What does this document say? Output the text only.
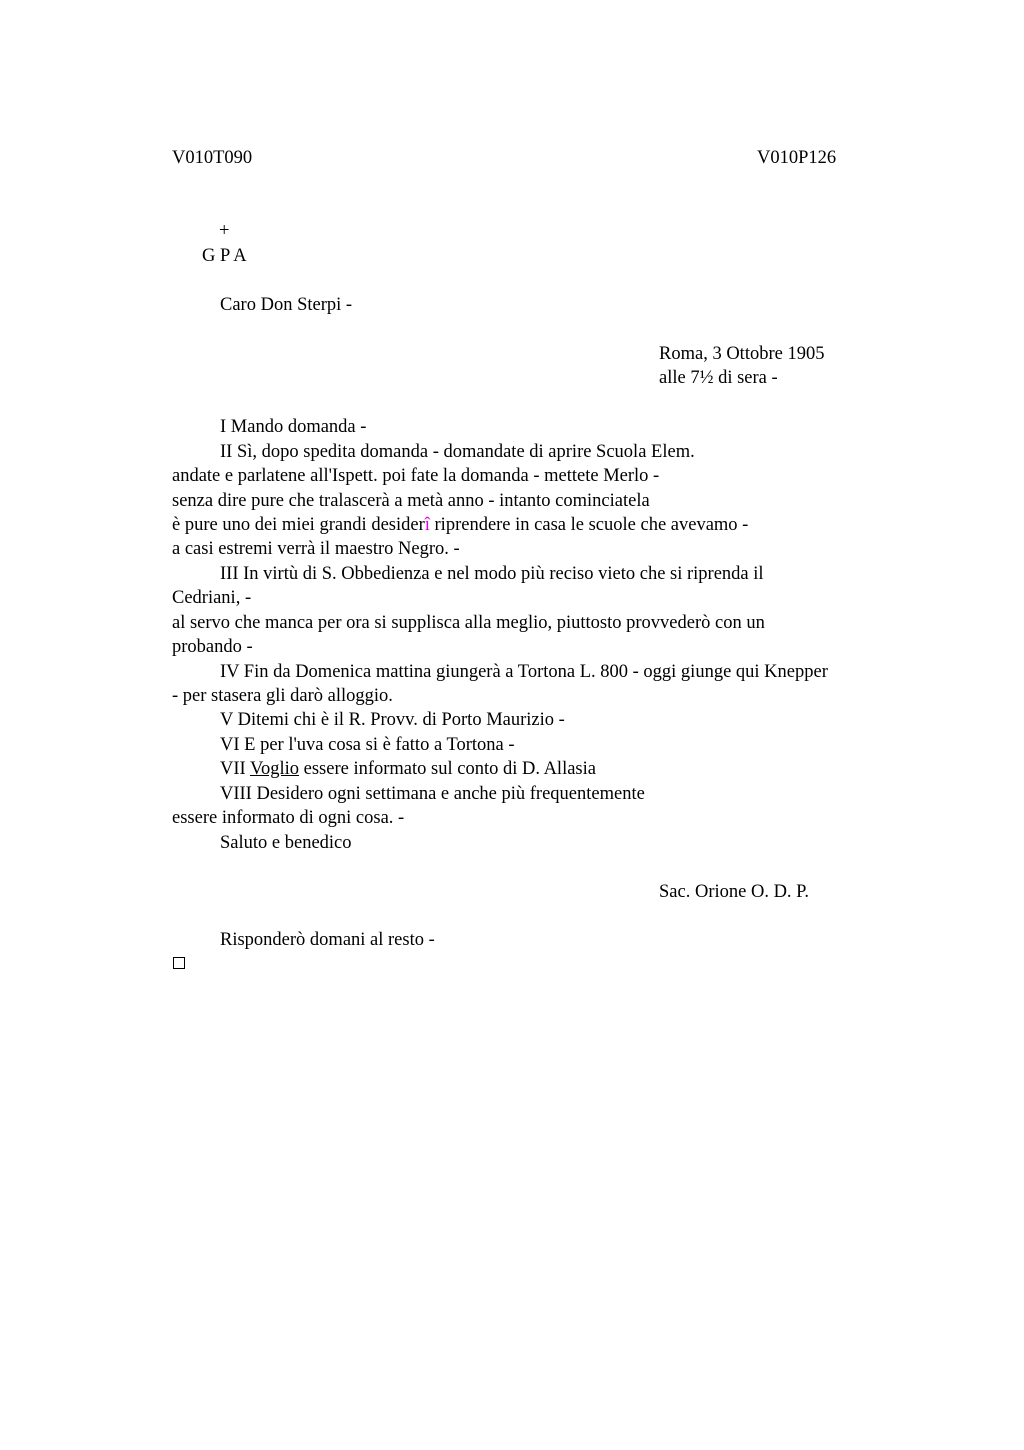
V010T090	V010P126
+
G P A
Caro Don Sterpi -
Roma, 3 Ottobre 1905
alle 7½ di sera -
I Mando domanda -
II Sì, dopo spedita domanda - domandate di aprire Scuola Elem.
andate e parlatene all'Ispett. poi fate la domanda - mettete Merlo -
senza dire pure che tralascerà a metà anno - intanto cominciatela
è pure uno dei miei grandi desiderî riprendere in casa le scuole che avevamo -
a casi estremi verrà il maestro Negro. -
III In virtù di S. Obbedienza e nel modo più reciso vieto che si riprenda il
Cedriani, -
al servo che manca per ora si supplisca alla meglio, piuttosto provvederò con un
probando -
IV Fin da Domenica mattina giungerà a Tortona L. 800 - oggi giunge qui Knepper
- per stasera gli darò alloggio.
V Ditemi chi è il R. Provv. di Porto Maurizio -
VI E per l'uva cosa si è fatto a Tortona -
VII Voglio essere informato sul conto di D. Allasia
VIII Desidero ogni settimana e anche più frequentemente
essere informato di ogni cosa. -
Saluto e benedico
Sac. Orione O. D. P.
Risponderò domani al resto -
